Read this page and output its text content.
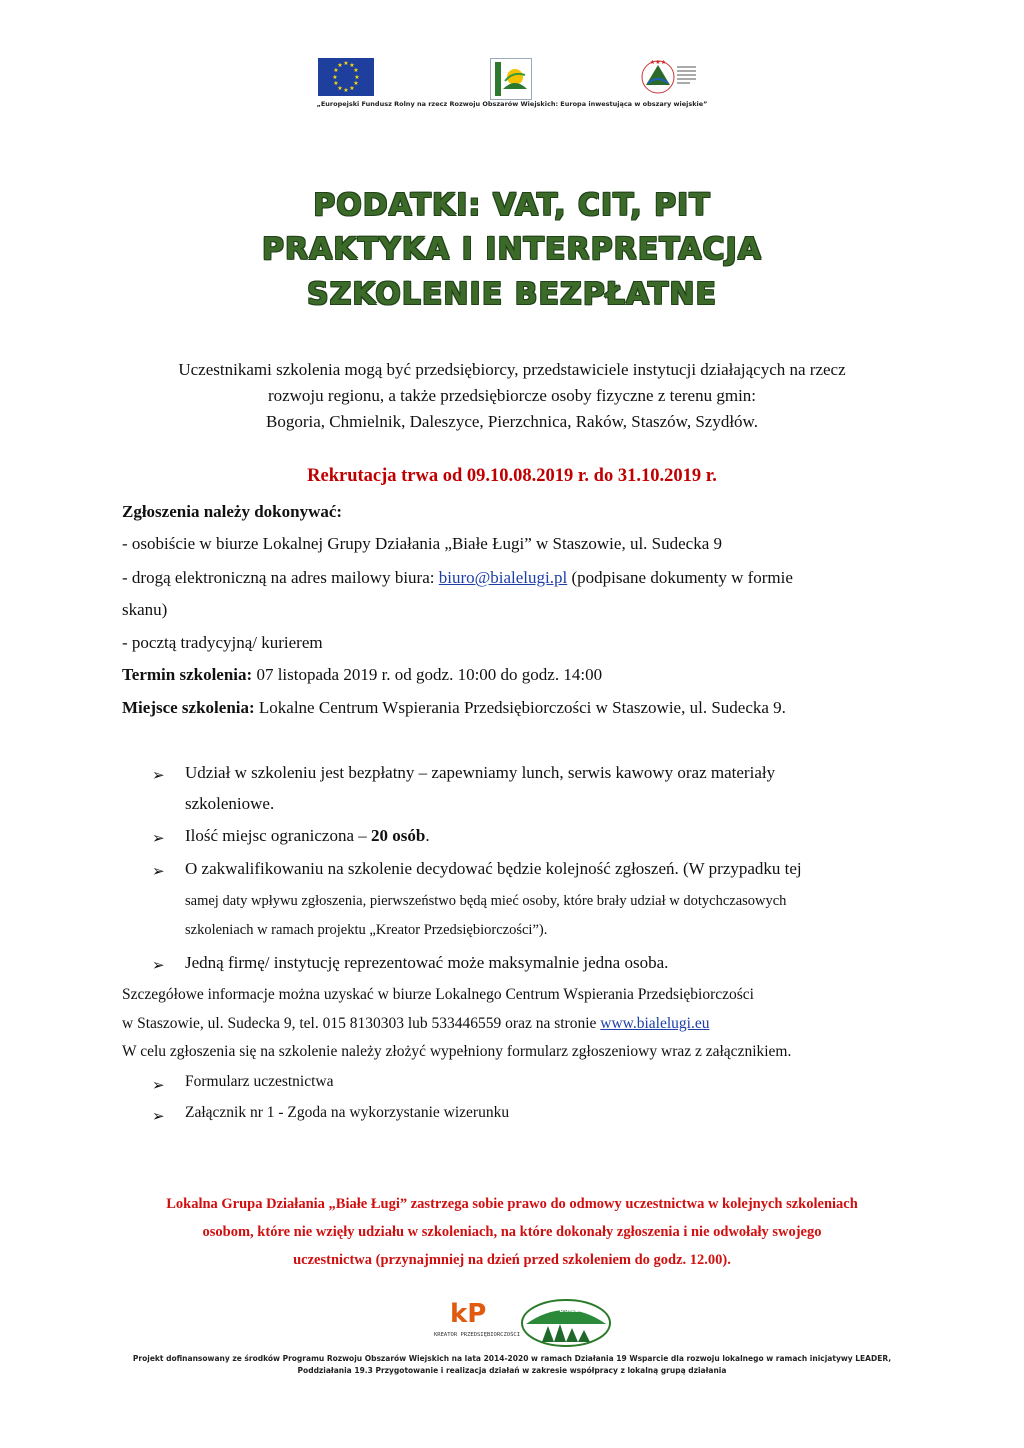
★ ★
★
★
★
★
★
★
★
★
★
★	★★★
„Europejski Fundusz Rolny na rzecz Rozwoju Obszarów Wiejskich: Europa inwestująca w obszary wiejskie”
PODATKI: VAT, CIT, PIT
PRAKTYKA I INTERPRETACJA
SZKOLENIE BEZPŁATNE
Uczestnikami szkolenia mogą być przedsiębiorcy, przedstawiciele instytucji działających na rzecz
rozwoju regionu, a także przedsiębiorcze osoby fizyczne z terenu gmin:
Bogoria, Chmielnik, Daleszyce, Pierzchnica, Raków, Staszów, Szydłów.
Rekrutacja trwa od 09.10.08.2019 r. do 31.10.2019 r.
Zgłoszenia należy dokonywać:
- osobiście w biurze Lokalnej Grupy Działania „Białe Ługi” w Staszowie, ul. Sudecka 9
- drogą elektroniczną na adres mailowy biura: biuro@bialelugi.pl (podpisane dokumenty w formie
skanu)
- pocztą tradycyjną/ kurierem
Termin szkolenia: 07 listopada 2019 r. od godz. 10:00 do godz. 14:00
Miejsce szkolenia: Lokalne Centrum Wspierania Przedsiębiorczości w Staszowie, ul. Sudecka 9.
➢ Udział w szkoleniu jest bezpłatny – zapewniamy lunch, serwis kawowy oraz materiały
szkoleniowe.
➢ Ilość miejsc ograniczona – 20 osób.
➢ O zakwalifikowaniu na szkolenie decydować będzie kolejność zgłoszeń. (W przypadku tej
samej daty wpływu zgłoszenia, pierwszeństwo będą mieć osoby, które brały udział w dotychczasowych
szkoleniach w ramach projektu „Kreator Przedsiębiorczości”).
➢ Jedną firmę/ instytucję reprezentować może maksymalnie jedna osoba.
Szczegółowe informacje można uzyskać w biurze Lokalnego Centrum Wspierania Przedsiębiorczości
w Staszowie, ul. Sudecka 9, tel. 015 8130303 lub 533446559 oraz na stronie www.bialelugi.eu
W celu zgłoszenia się na szkolenie należy złożyć wypełniony formularz zgłoszeniowy wraz z załącznikiem.
➢ Formularz uczestnictwa
➢ Załącznik nr 1 - Zgoda na wykorzystanie wizerunku
Lokalna Grupa Działania „Białe Ługi” zastrzega sobie prawo do odmowy uczestnictwa w kolejnych szkoleniach
osobom, które nie wzięły udziału w szkoleniach, na które dokonały zgłoszenia i nie odwołały swojego
uczestnictwa (przynajmniej na dzień przed szkoleniem do godz. 12.00).
kP
KREATOR PRZEDSIĘBIORCZOŚCI
BIAŁE ŁUGI
Projekt dofinansowany ze środków Programu Rozwoju Obszarów Wiejskich na lata 2014-2020 w ramach Działania 19 Wsparcie dla rozwoju lokalnego w ramach inicjatywy LEADER,
Poddziałania 19.3 Przygotowanie i realizacja działań w zakresie współpracy z lokalną grupą działania
